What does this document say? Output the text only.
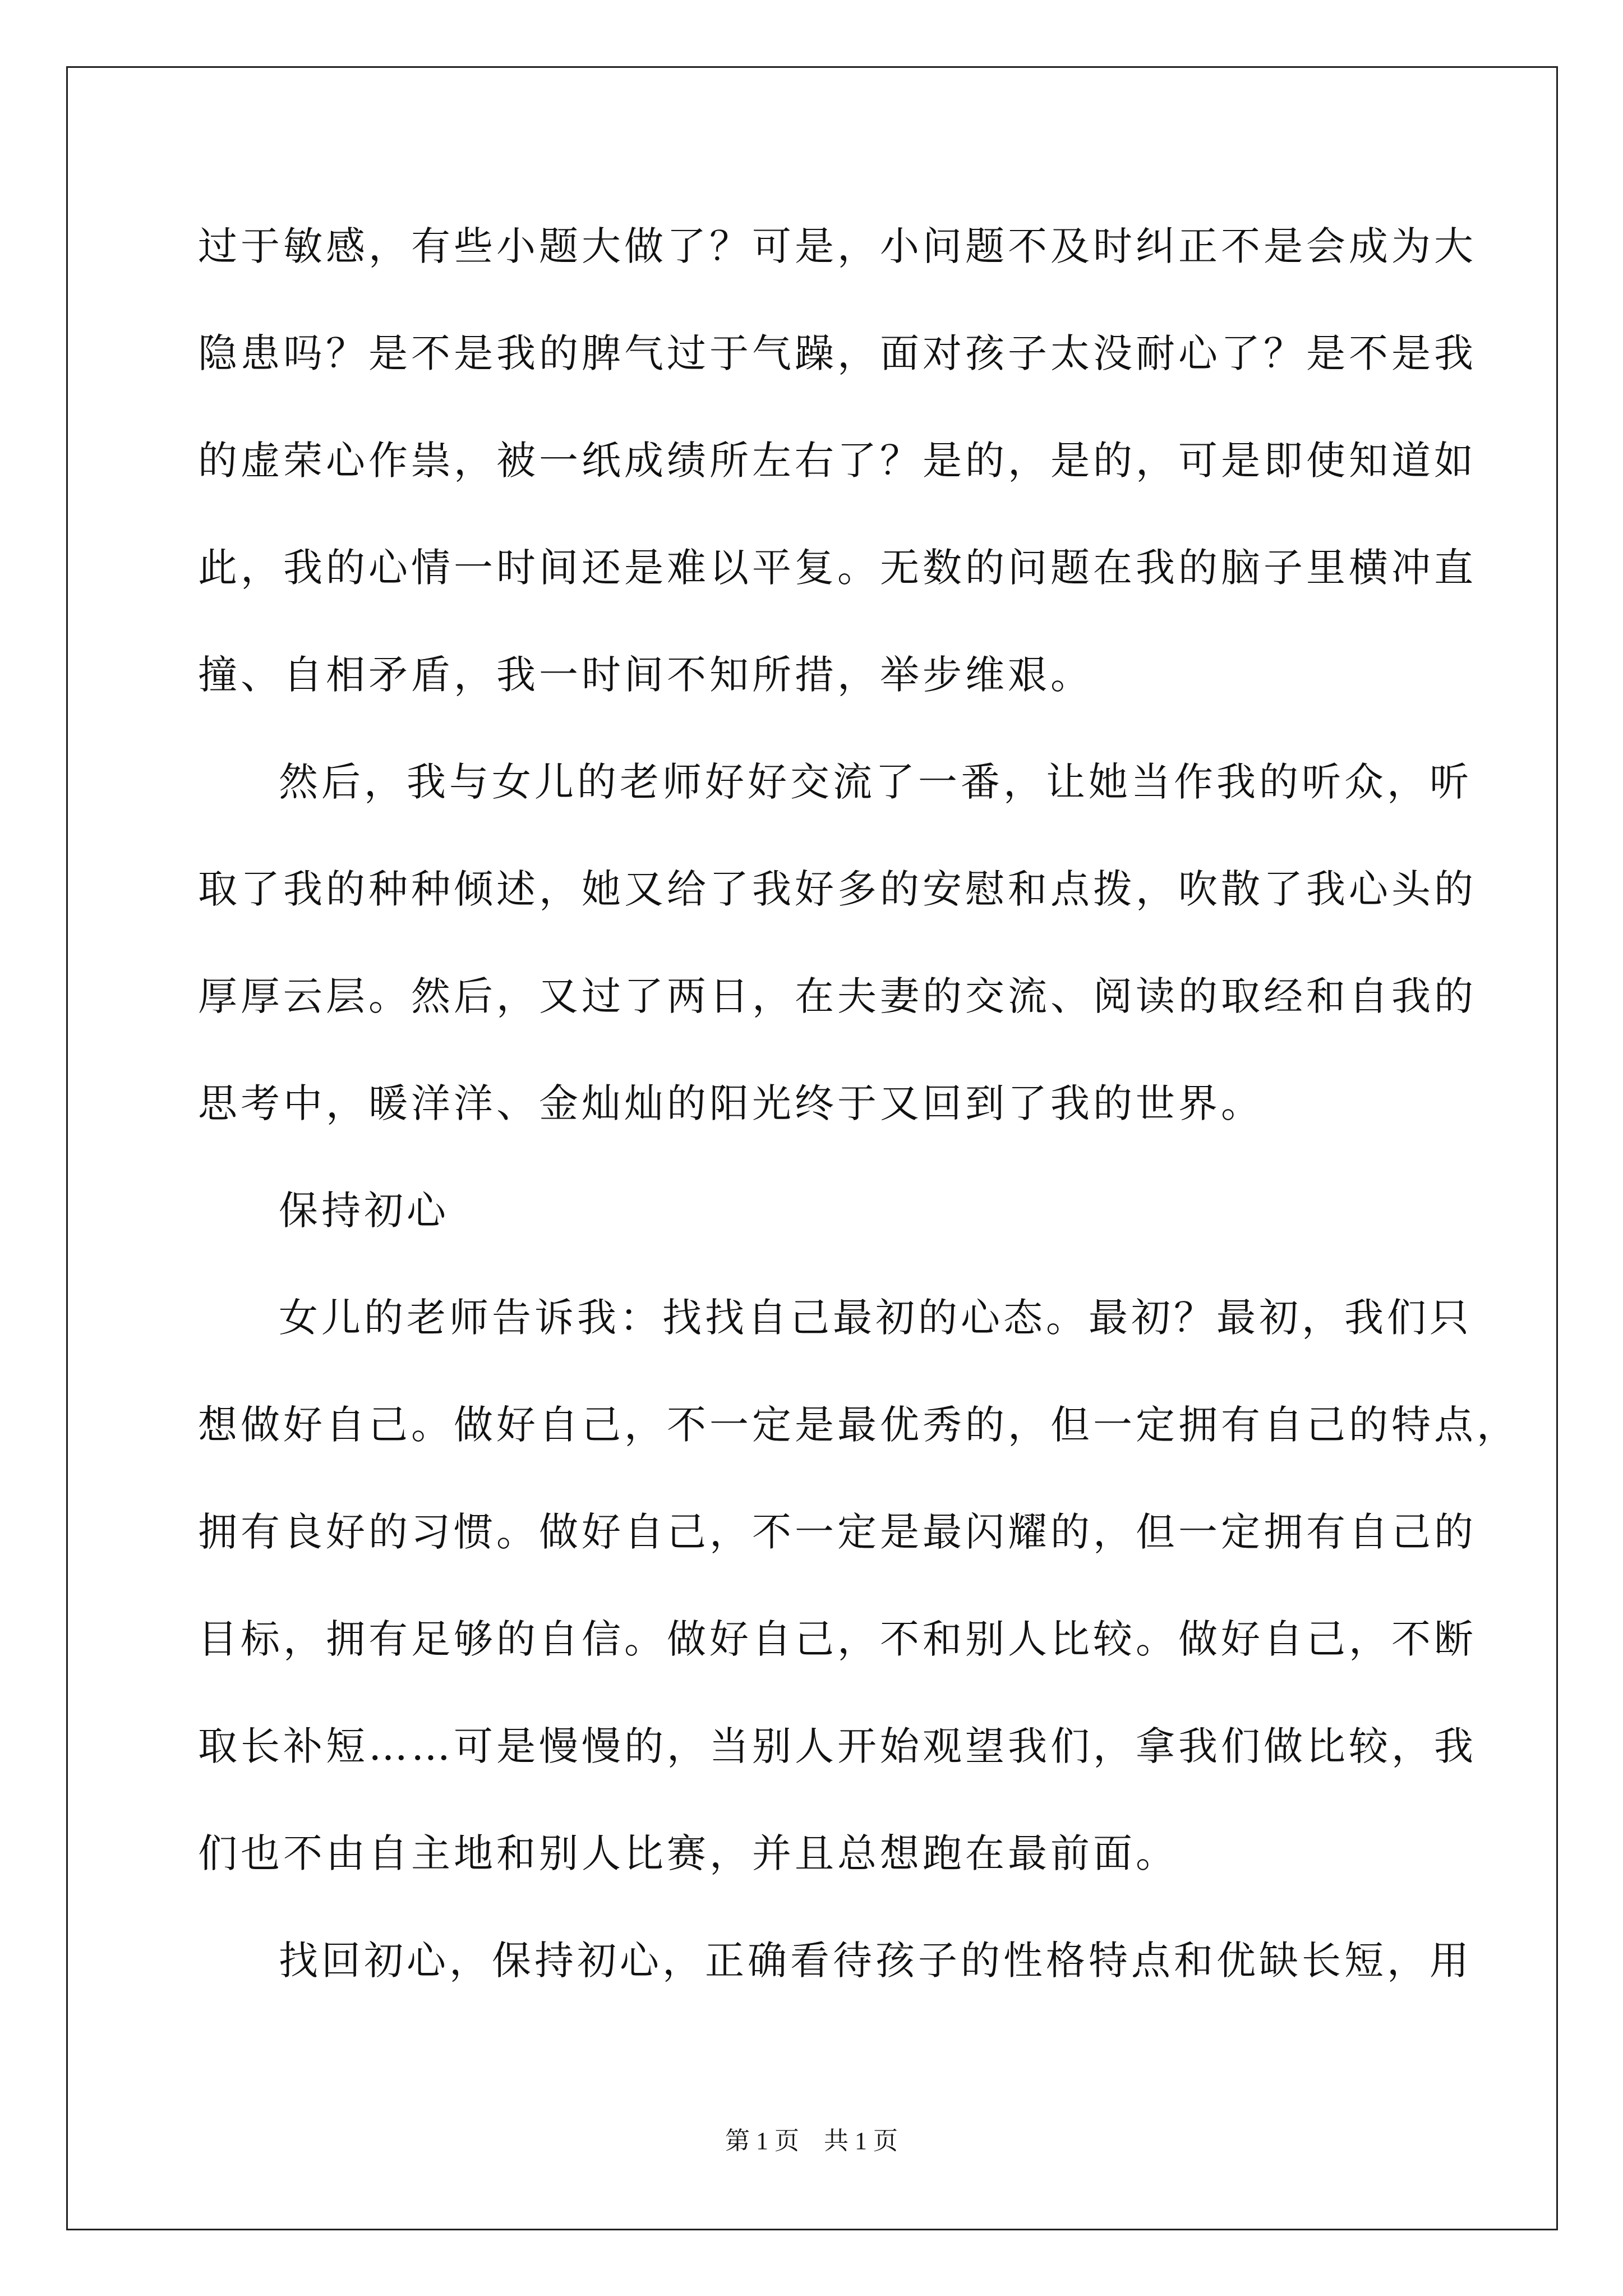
过于敏感，有些小题大做了？可是，小问题不及时纠正不是会成为大
隐患吗？是不是我的脾气过于气躁，面对孩子太没耐心了？是不是我
的虚荣心作祟，被一纸成绩所左右了？是的，是的，可是即使知道如
此，我的心情一时间还是难以平复。无数的问题在我的脑子里横冲直
撞、自相矛盾，我一时间不知所措，举步维艰。
然后，我与女儿的老师好好交流了一番，让她当作我的听众，听
取了我的种种倾述，她又给了我好多的安慰和点拨，吹散了我心头的
厚厚云层。然后，又过了两日，在夫妻的交流、阅读的取经和自我的
思考中，暖洋洋、金灿灿的阳光终于又回到了我的世界。
保持初心
女儿的老师告诉我：找找自己最初的心态。最初？最初，我们只
想做好自己。做好自己，不一定是最优秀的，但一定拥有自己的特点，
拥有良好的习惯。做好自己，不一定是最闪耀的，但一定拥有自己的
目标，拥有足够的自信。做好自己，不和别人比较。做好自己，不断
取长补短……可是慢慢的，当别人开始观望我们，拿我们做比较，我
们也不由自主地和别人比赛，并且总想跑在最前面。
找回初心，保持初心，正确看待孩子的性格特点和优缺长短，用
第 1 页　共 1 页
